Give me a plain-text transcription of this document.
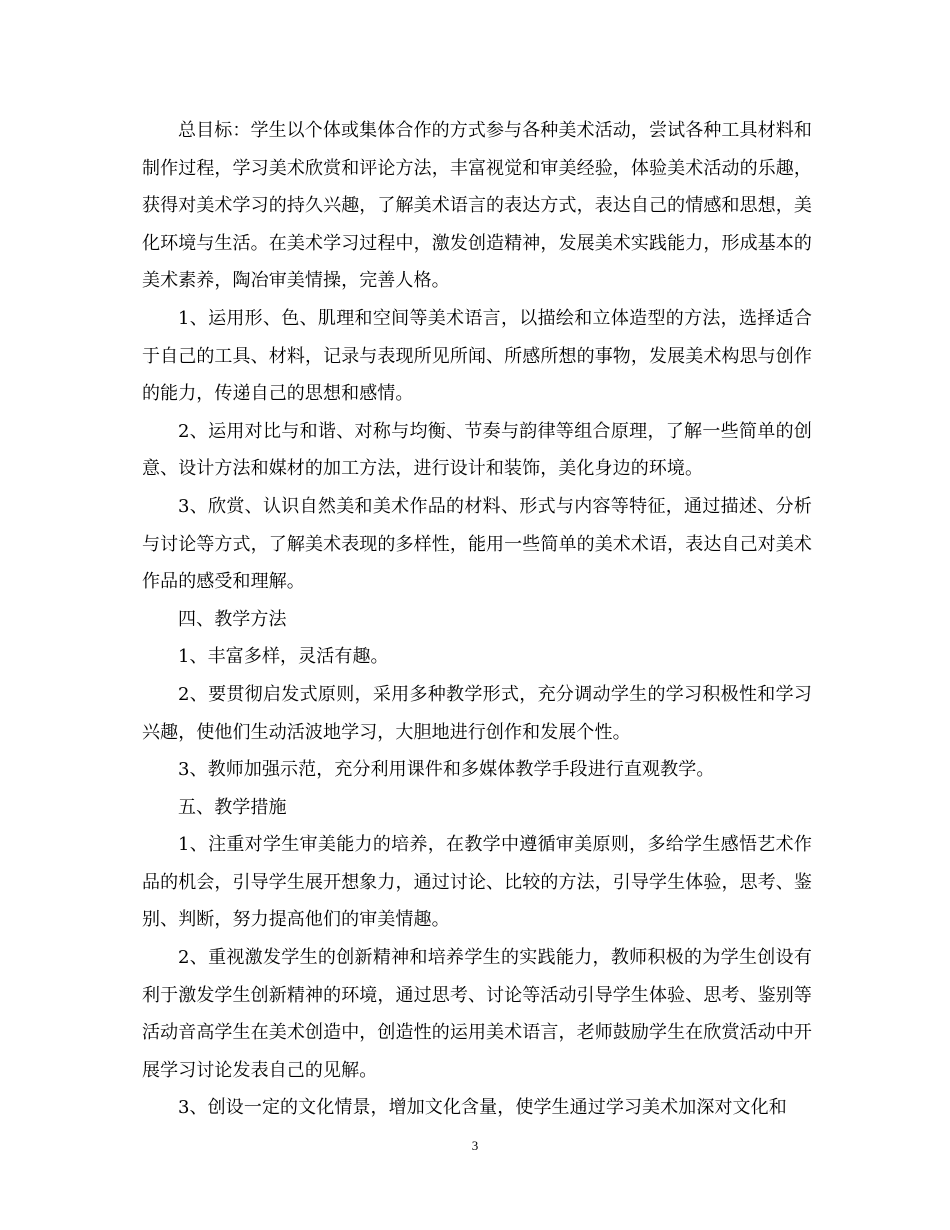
总目标：学生以个体或集体合作的方式参与各种美术活动，尝试各种工具材料和制作过程，学习美术欣赏和评论方法，丰富视觉和审美经验，体验美术活动的乐趣，获得对美术学习的持久兴趣，了解美术语言的表达方式，表达自己的情感和思想，美化环境与生活。在美术学习过程中，激发创造精神，发展美术实践能力，形成基本的美术素养，陶冶审美情操，完善人格。

1、运用形、色、肌理和空间等美术语言，以描绘和立体造型的方法，选择适合于自己的工具、材料，记录与表现所见所闻、所感所想的事物，发展美术构思与创作的能力，传递自己的思想和感情。

2、运用对比与和谐、对称与均衡、节奏与韵律等组合原理，了解一些简单的创意、设计方法和媒材的加工方法，进行设计和装饰，美化身边的环境。

3、欣赏、认识自然美和美术作品的材料、形式与内容等特征，通过描述、分析与讨论等方式，了解美术表现的多样性，能用一些简单的美术术语，表达自己对美术作品的感受和理解。

四、教学方法

1、丰富多样，灵活有趣。

2、要贯彻启发式原则，采用多种教学形式，充分调动学生的学习积极性和学习兴趣，使他们生动活波地学习，大胆地进行创作和发展个性。

3、教师加强示范，充分利用课件和多媒体教学手段进行直观教学。

五、教学措施

1、注重对学生审美能力的培养，在教学中遵循审美原则，多给学生感悟艺术作品的机会，引导学生展开想象力，通过讨论、比较的方法，引导学生体验，思考、鉴别、判断，努力提高他们的审美情趣。

2、重视激发学生的创新精神和培养学生的实践能力，教师积极的为学生创设有利于激发学生创新精神的环境，通过思考、讨论等活动引导学生体验、思考、鉴别等活动音高学生在美术创造中，创造性的运用美术语言，老师鼓励学生在欣赏活动中开展学习讨论发表自己的见解。

3、创设一定的文化情景，增加文化含量，使学生通过学习美术加深对文化和

3
